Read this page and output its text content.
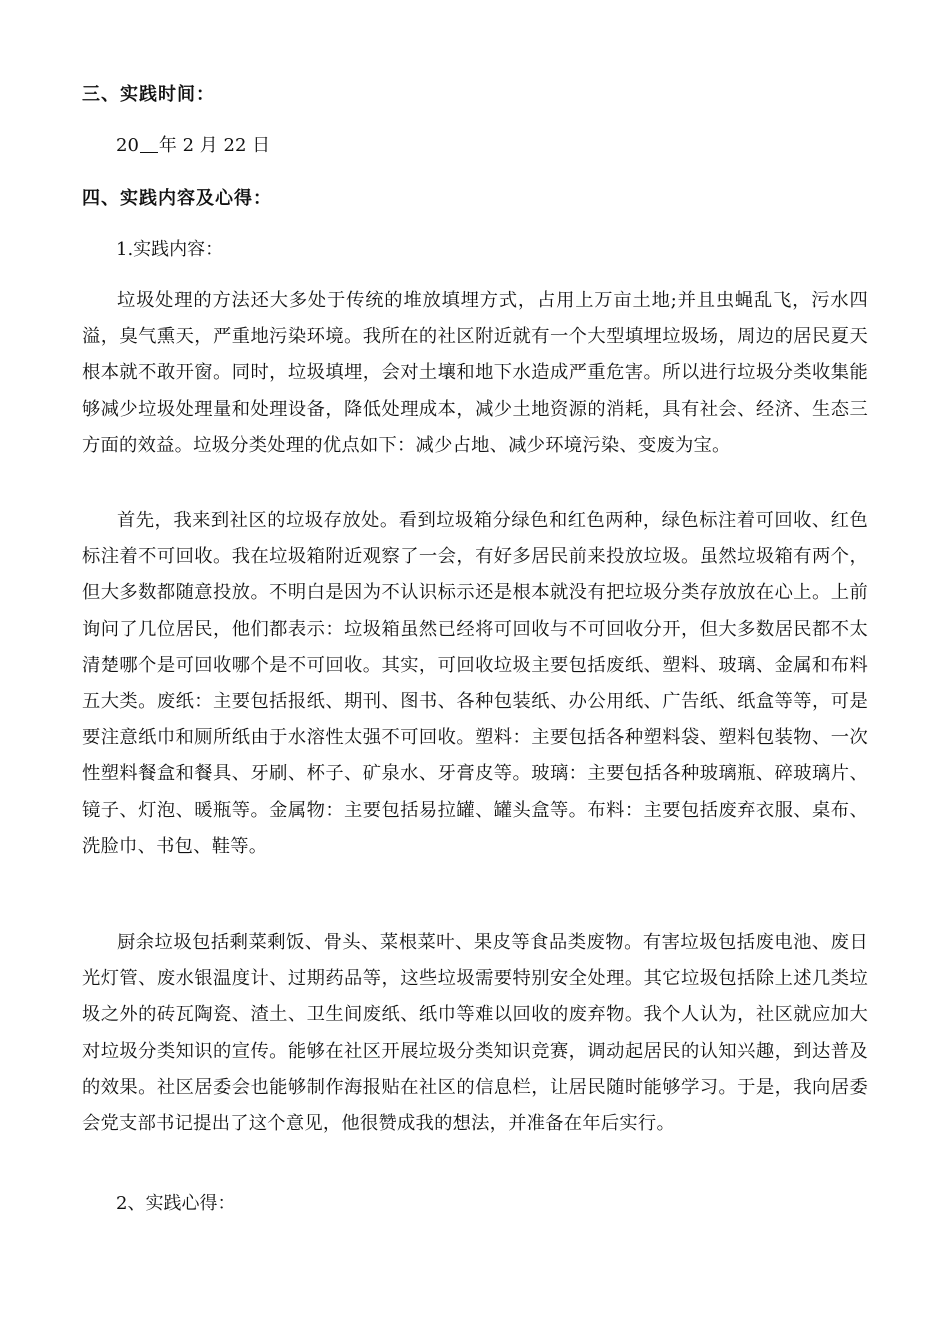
三、实践时间：
20 年 2 月 22 日
四、实践内容及心得：
1.实践内容：

垃圾处理的方法还大多处于传统的堆放填埋方式，占用上万亩土地;并且虫蝇乱飞，污水四溢，臭气熏天，严重地污染环境。我所在的社区附近就有一个大型填埋垃圾场，周边的居民夏天根本就不敢开窗。同时，垃圾填埋，会对土壤和地下水造成严重危害。所以进行垃圾分类收集能够减少垃圾处理量和处理设备，降低处理成本，减少土地资源的消耗，具有社会、经济、生态三方面的效益。垃圾分类处理的优点如下：减少占地、减少环境污染、变废为宝。

首先，我来到社区的垃圾存放处。看到垃圾箱分绿色和红色两种，绿色标注着可回收、红色标注着不可回收。我在垃圾箱附近观察了一会，有好多居民前来投放垃圾。虽然垃圾箱有两个，但大多数都随意投放。不明白是因为不认识标示还是根本就没有把垃圾分类存放放在心上。上前询问了几位居民，他们都表示：垃圾箱虽然已经将可回收与不可回收分开，但大多数居民都不太清楚哪个是可回收哪个是不可回收。其实，可回收垃圾主要包括废纸、塑料、玻璃、金属和布料五大类。废纸：主要包括报纸、期刊、图书、各种包装纸、办公用纸、广告纸、纸盒等等，可是要注意纸巾和厕所纸由于水溶性太强不可回收。塑料：主要包括各种塑料袋、塑料包装物、一次性塑料餐盒和餐具、牙刷、杯子、矿泉水、牙膏皮等。玻璃：主要包括各种玻璃瓶、碎玻璃片、镜子、灯泡、暖瓶等。金属物：主要包括易拉罐、罐头盒等。布料：主要包括废弃衣服、桌布、洗脸巾、书包、鞋等。

厨余垃圾包括剩菜剩饭、骨头、菜根菜叶、果皮等食品类废物。有害垃圾包括废电池、废日光灯管、废水银温度计、过期药品等，这些垃圾需要特别安全处理。其它垃圾包括除上述几类垃圾之外的砖瓦陶瓷、渣土、卫生间废纸、纸巾等难以回收的废弃物。我个人认为，社区就应加大对垃圾分类知识的宣传。能够在社区开展垃圾分类知识竞赛，调动起居民的认知兴趣，到达普及的效果。社区居委会也能够制作海报贴在社区的信息栏，让居民随时能够学习。于是，我向居委会党支部书记提出了这个意见，他很赞成我的想法，并准备在年后实行。

2、实践心得：
